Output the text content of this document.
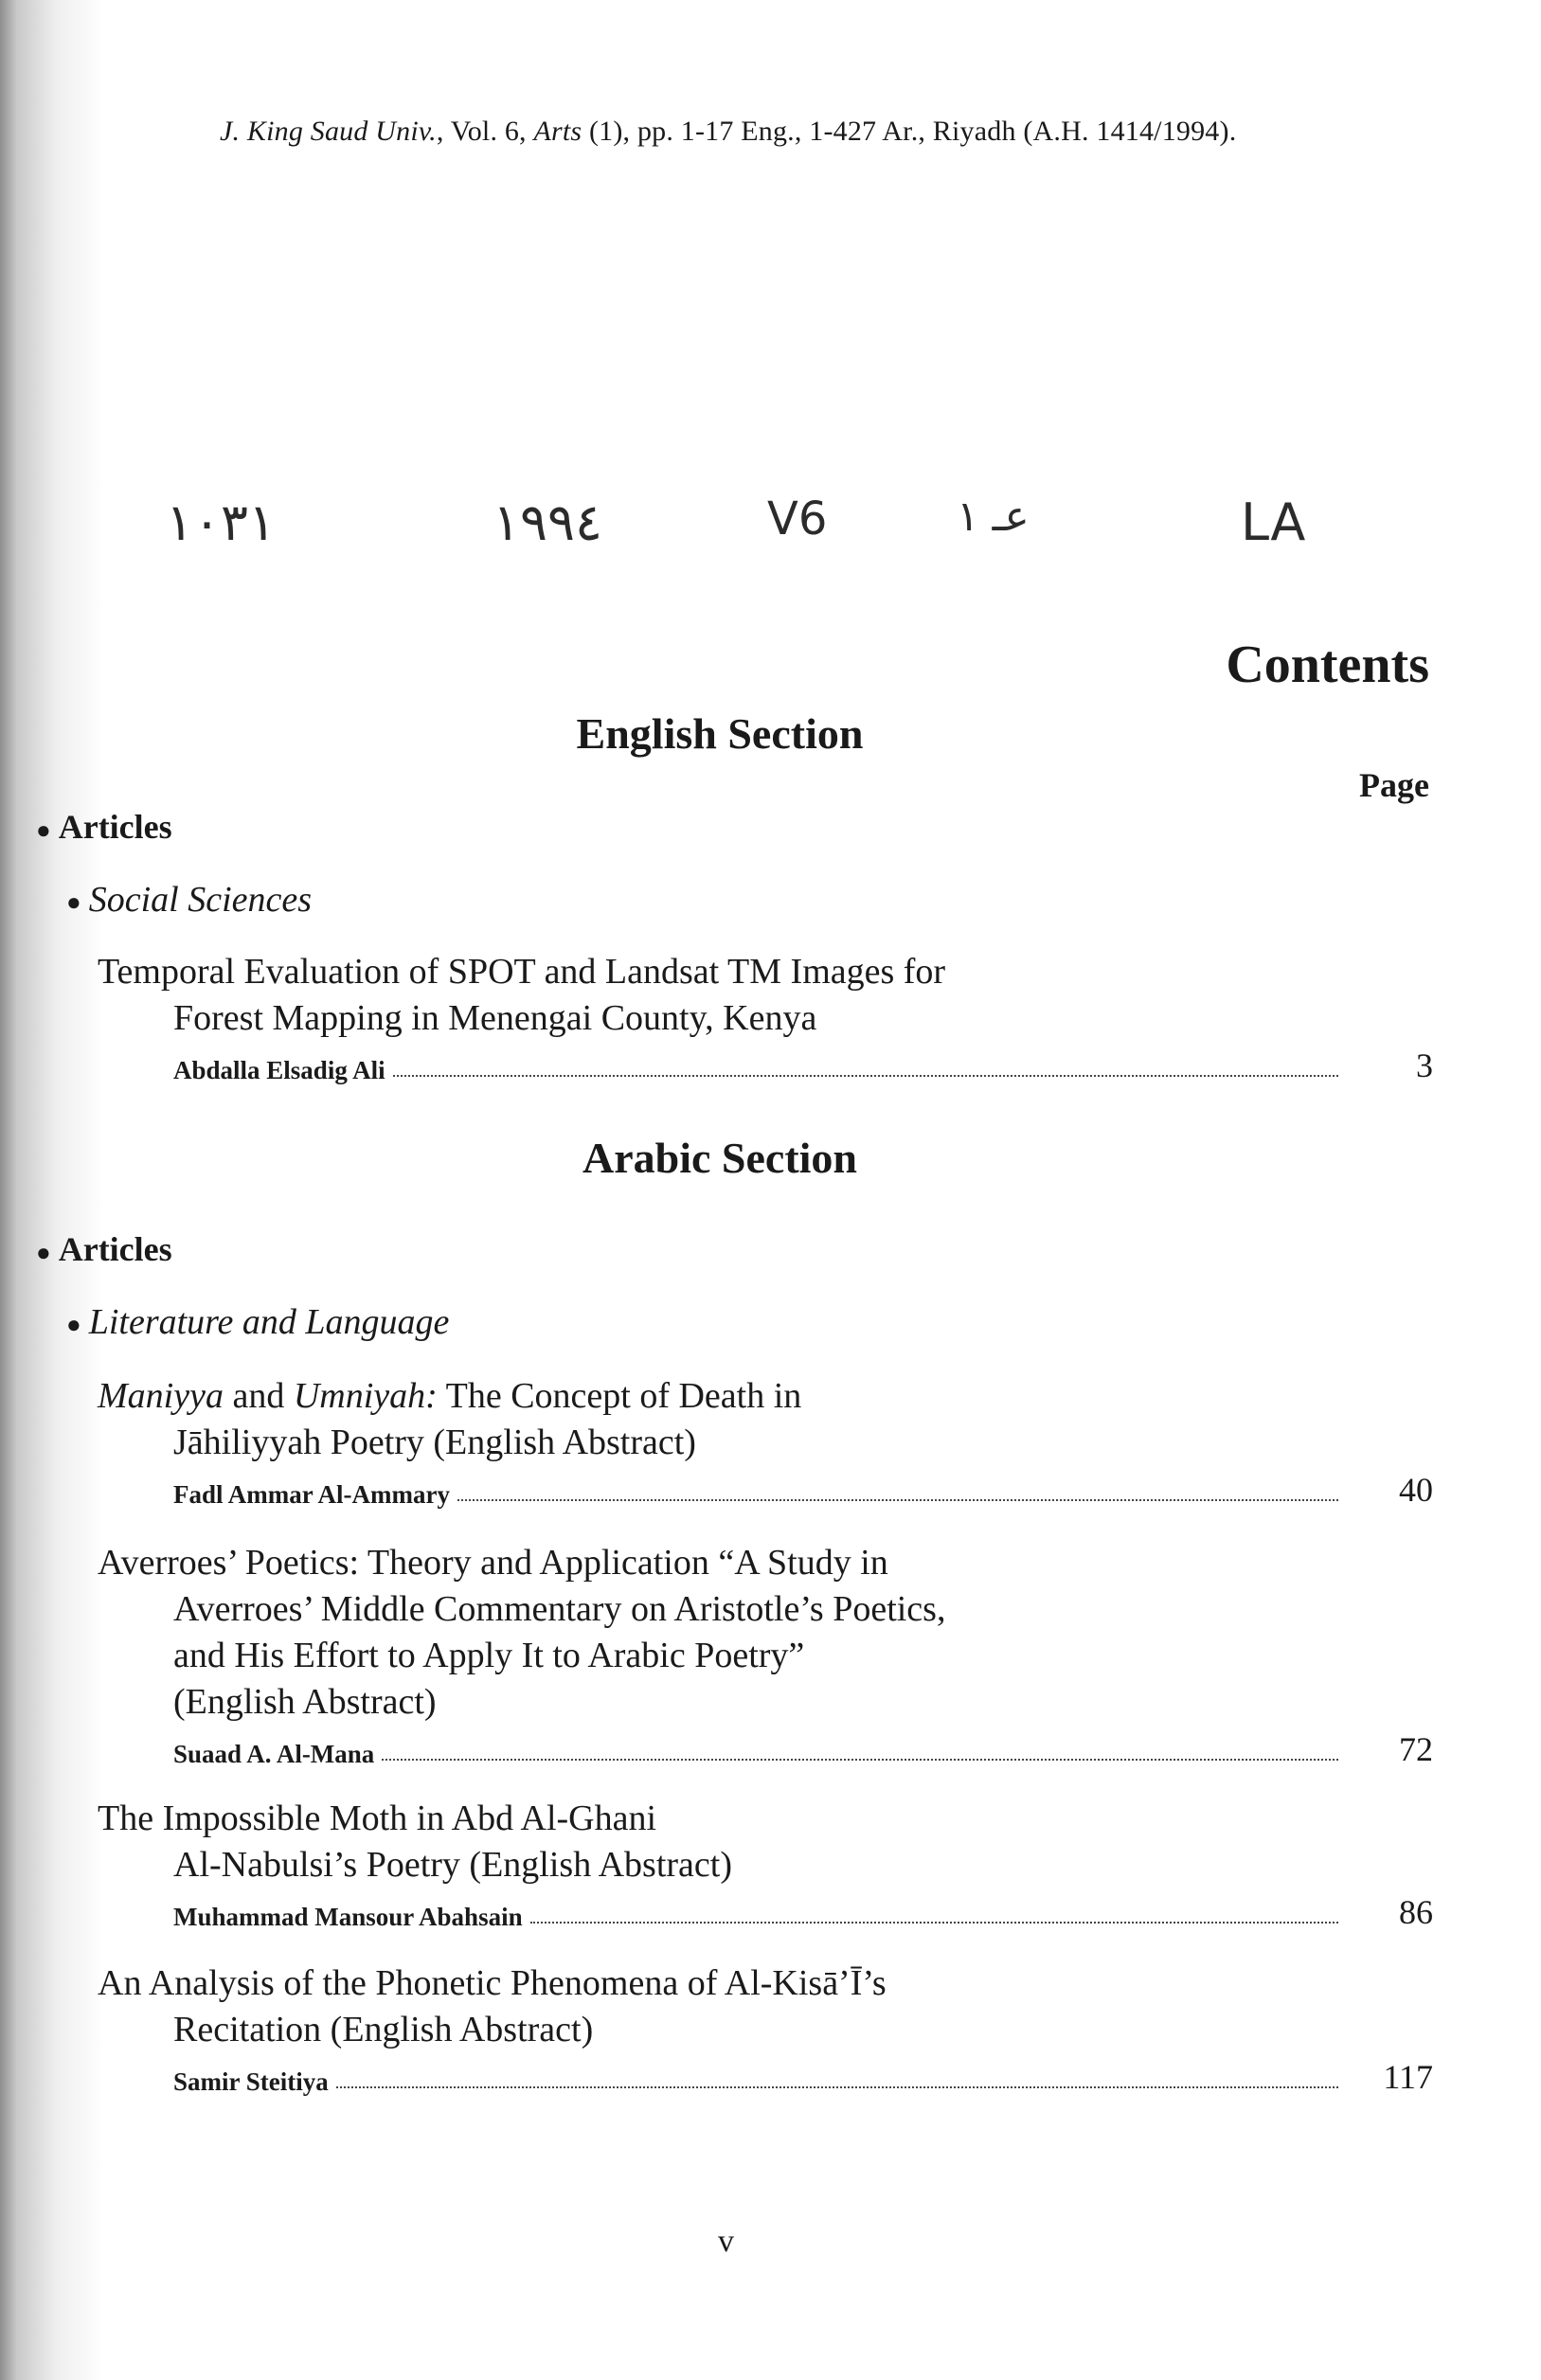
J. King Saud Univ., Vol. 6, Arts (1), pp. 1-17 Eng., 1-427 Ar., Riyadh (A.H. 1414/1994).
١٠٣١	١٩٩٤	V6	عـ ١	LA
Contents
English Section
Page
● Articles
● Social Sciences
Temporal Evaluation of SPOT and Landsat TM Images for
Forest Mapping in Menengai County, Kenya
Abdalla Elsadig Ali	3
Arabic Section
● Articles
● Literature and Language
Maniyya and Umniyah: The Concept of Death in
Jāhiliyyah Poetry (English Abstract)
Fadl Ammar Al-Ammary	40
Averroes’ Poetics: Theory and Application “A Study in
Averroes’ Middle Commentary on Aristotle’s Poetics,
and His Effort to Apply It to Arabic Poetry”
(English Abstract)
Suaad A. Al-Mana	72
The Impossible Moth in Abd Al-Ghani
Al-Nabulsi’s Poetry (English Abstract)
Muhammad Mansour Abahsain	86
An Analysis of the Phonetic Phenomena of Al-Kisā’Ī’s
Recitation (English Abstract)
Samir Steitiya	117
v
